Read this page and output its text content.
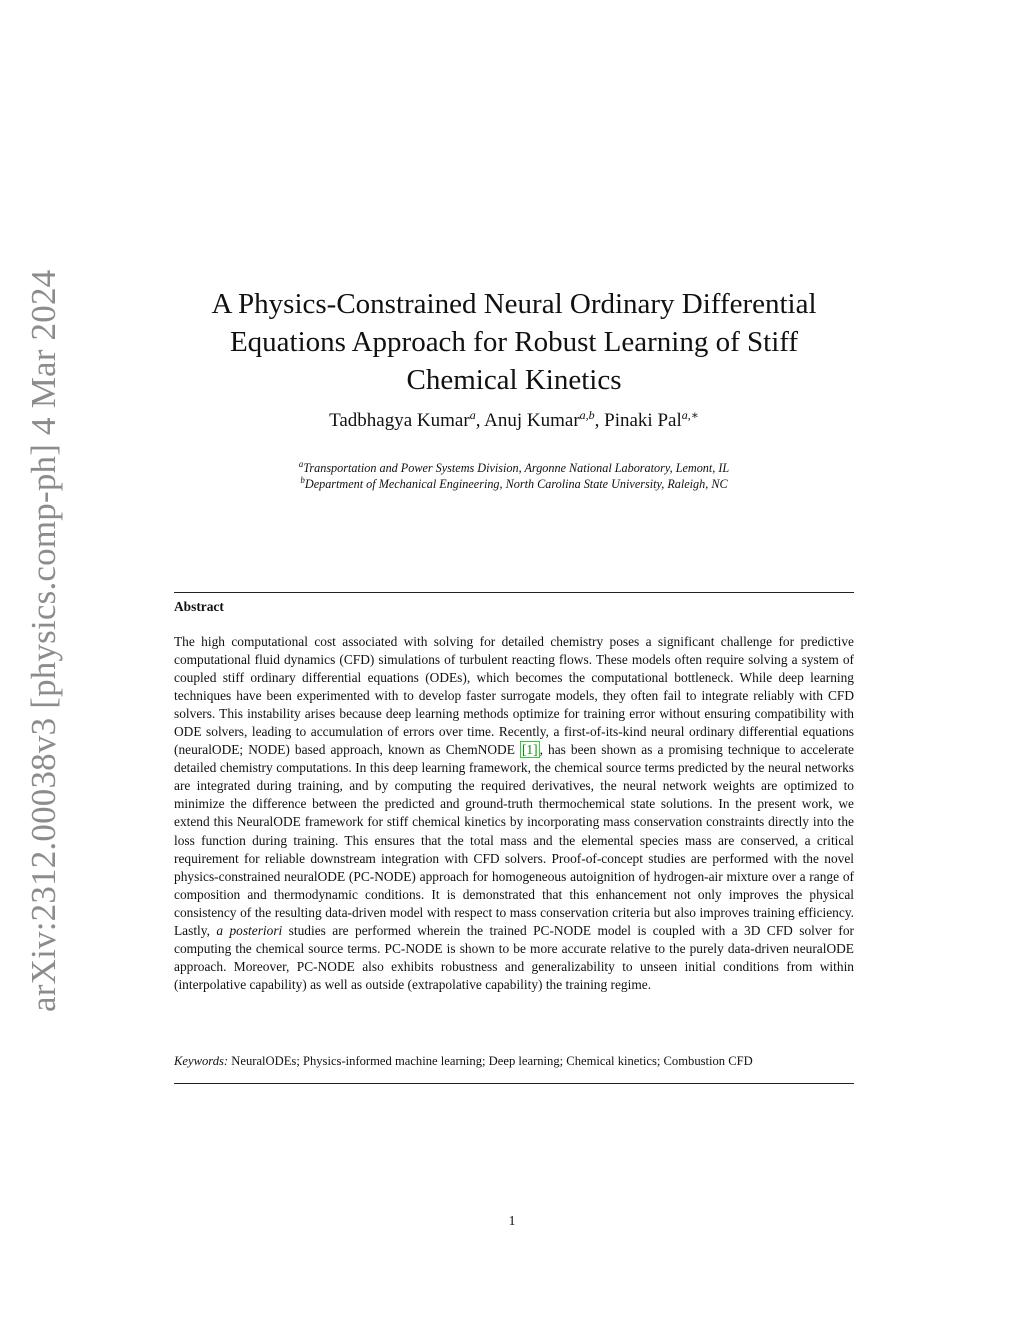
arXiv:2312.00038v3 [physics.comp-ph] 4 Mar 2024	A Physics-Constrained Neural Ordinary Differential
Equations Approach for Robust Learning of Stiff
Chemical Kinetics
Tadbhagya Kumar$^a$, Anuj Kumar$^{a,b}$, Pinaki Pal$^{a,∗}$
$^a$Transportation and Power Systems Division, Argonne National Laboratory, Lemont, IL
$^b$Department of Mechanical Engineering, North Carolina State University, Raleigh, NC
Abstract
The high computational cost associated with solving for detailed chemistry poses a significant challenge for predictive computational fluid dynamics (CFD) simulations of turbulent reacting flows. These models often require solving a system of coupled stiff ordinary differential equations (ODEs), which becomes the computational bottleneck. While deep learning techniques have been experimented with to develop faster surrogate models, they often fail to integrate reliably with CFD solvers. This instability arises because deep learning methods optimize for training error without ensuring compatibility with ODE solvers, leading to accumulation of errors over time. Recently, a first-of-its-kind neural ordinary differential equations (neuralODE; NODE) based approach, known as ChemNODE [1] , has been shown as a promising technique to accelerate detailed chemistry computations. In this deep learning framework, the chemical source terms predicted by the neural networks are integrated during training, and by computing the required derivatives, the neural network weights are optimized to minimize the difference between the predicted and ground-truth thermochemical state solutions. In the present work, we extend this NeuralODE framework for stiff chemical kinetics by incorporating mass conservation constraints directly into the loss function during training. This ensures that the total mass and the elemental species mass are conserved, a critical requirement for reliable downstream integration with CFD solvers. Proof-of-concept studies are performed with the novel physics-constrained neuralODE (PC-NODE) approach for homogeneous autoignition of hydrogen-air mixture over a range of composition and thermodynamic conditions. It is demonstrated that this enhancement not only improves the physical consistency of the resulting data-driven model with respect to mass conservation criteria but also improves training efficiency. Lastly, a posteriori studies are performed wherein the trained PC-NODE model is coupled with a 3D CFD solver for computing the chemical source terms. PC-NODE is shown to be more accurate relative to the purely data-driven neuralODE approach. Moreover, PC-NODE also exhibits robustness and generalizability to unseen initial conditions from within (interpolative capability) as well as outside (extrapolative capability) the training regime.
Keywords: NeuralODEs; Physics-informed machine learning; Deep learning; Chemical kinetics; Combustion CFD
1
